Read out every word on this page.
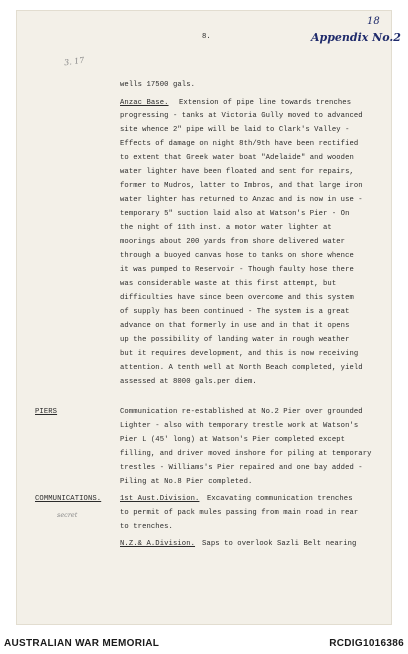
18
Appendix No.2
3. 17
8.
wells 17500 gals.
Anzac Base. Extension of pipe line towards trenches
progressing - tanks at Victoria Gully moved to advanced
site whence 2" pipe will be laid to Clark's Valley -
Effects of damage on night 8th/9th have been rectified
to extent that Greek water boat "Adelaide" and wooden
water lighter have been floated and sent for repairs,
former to Mudros, latter to Imbros, and that large iron
water lighter has returned to Anzac and is now in use -
temporary 5" suction laid also at Watson's Pier - On
the night of 11th inst. a motor water lighter at
moorings about 200 yards from shore delivered water
through a buoyed canvas hose to tanks on shore whence
it was pumped to Reservoir - Though faulty hose there
was considerable waste at this first attempt, but
difficulties have since been overcome and this system
of supply has been continued - The system is a great
advance on that formerly in use and in that it opens
up the possibility of landing water in rough weather
but it requires development, and this is now receiving
attention. A tenth well at North Beach completed, yield
assessed at 8000 gals.per diem.
PIERS	Communication re-established at No.2 Pier over grounded
Lighter - also with temporary trestle work at Watson's
Pier L (45' long) at Watson's Pier completed except
filling, and driver moved inshore for piling at temporary
trestles - Williams's Pier repaired and one bay added -
Piling at No.8 Pier completed.
COMMUNICATIONS.	1st Aust.Division. Excavating communication trenches
to permit of pack mules passing from main road in rear
to trenches.
secret
N.Z.& A.Division. Saps to overlook Sazli Belt nearing
AUSTRALIAN WAR MEMORIAL	RCDIG1016386
